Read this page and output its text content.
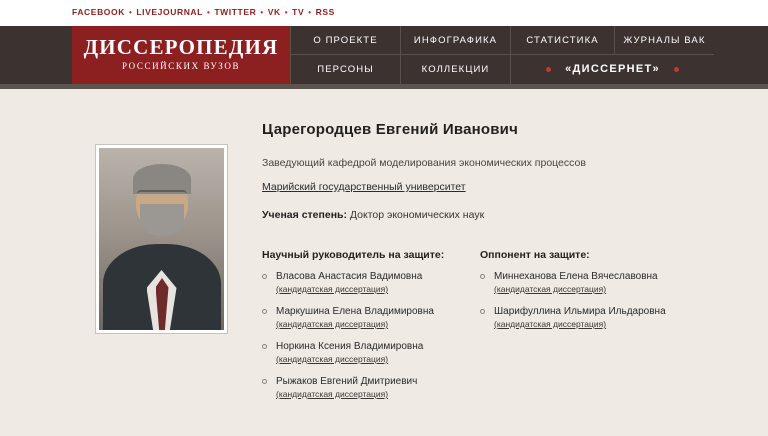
FACEBOOK • LIVEJOURNAL • TWITTER • VK • TV • RSS
ДИССЕРОПЕДИЯ
РОССИЙСКИХ ВУЗОВ
О ПРОЕКТЕ	ИНФОГРАФИКА	СТАТИСТИКА	ЖУРНАЛЫ ВАК
ПЕРСОНЫ	КОЛЛЕКЦИИ	«ДИССЕРНЕТ»
Царегородцев Евгений Иванович
Заведующий кафедрой моделирования экономических процессов
Марийский государственный университет
Ученая степень: Доктор экономических наук
Научный руководитель на защите:
Власова Анастасия Вадимовна
(кандидатская диссертация)
Маркушина Елена Владимировна
(кандидатская диссертация)
Норкина Ксения Владимировна
(кандидатская диссертация)
Рыжаков Евгений Дмитриевич
(кандидатская диссертация)
Оппонент на защите:
Миннеханова Елена Вячеславовна
(кандидатская диссертация)
Шарифуллина Ильмира Ильдаровна
(кандидатская диссертация)
